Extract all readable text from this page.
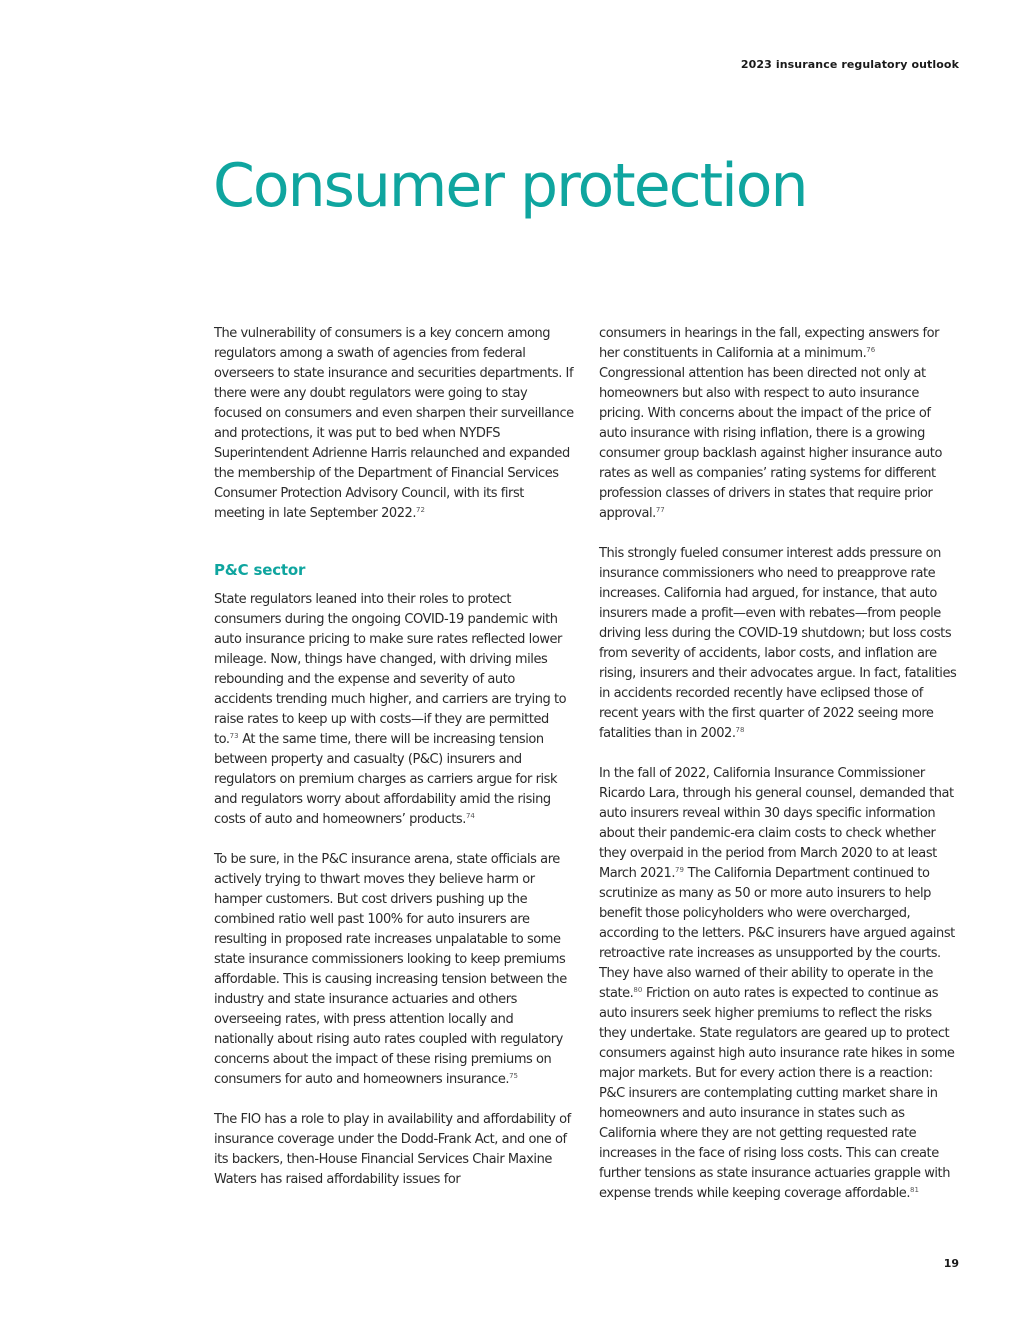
2023 insurance regulatory outlook
Consumer protection

The vulnerability of consumers is a key concern among regulators among a swath of agencies from federal overseers to state insurance and securities departments. If there were any doubt regulators were going to stay focused on consumers and even sharpen their surveillance and protections, it was put to bed when NYDFS Superintendent Adrienne Harris relaunched and expanded the membership of the Department of Financial Services Consumer Protection Advisory Council, with its first meeting in late September 2022.72

P&C sector

State regulators leaned into their roles to protect consumers during the ongoing COVID-19 pandemic with auto insurance pricing to make sure rates reflected lower mileage. Now, things have changed, with driving miles rebounding and the expense and severity of auto accidents trending much higher, and carriers are trying to raise rates to keep up with costs—if they are permitted to.$^{73}$ At the same time, there will be increasing tension between property and casualty (P&C) insurers and regulators on premium charges as carriers argue for risk and regulators worry about affordability amid the rising costs of auto and homeowners’ products.$^{74}$

To be sure, in the P&C insurance arena, state officials are actively trying to thwart moves they believe harm or hamper customers. But cost drivers pushing up the combined ratio well past 100% for auto insurers are resulting in proposed rate increases unpalatable to some state insurance commissioners looking to keep premiums affordable. This is causing increasing tension between the industry and state insurance actuaries and others overseeing rates, with press attention locally and nationally about rising auto rates coupled with regulatory concerns about the impact of these rising premiums on consumers for auto and homeowners insurance.$^{75}$

The FIO has a role to play in availability and affordability of insurance coverage under the Dodd-Frank Act, and one of its backers, then-House Financial Services Chair Maxine Waters has raised affordability issues for

consumers in hearings in the fall, expecting answers for her constituents in California at a minimum.$^{76}$ Congressional attention has been directed not only at homeowners but also with respect to auto insurance pricing. With concerns about the impact of the price of auto insurance with rising inflation, there is a growing consumer group backlash against higher insurance auto rates as well as companies’ rating systems for different profession classes of drivers in states that require prior approval.$^{77}$

This strongly fueled consumer interest adds pressure on insurance commissioners who need to preapprove rate increases. California had argued, for instance, that auto insurers made a profit—even with rebates—from people driving less during the COVID-19 shutdown; but loss costs from severity of accidents, labor costs, and inflation are rising, insurers and their advocates argue. In fact, fatalities in accidents recorded recently have eclipsed those of recent years with the first quarter of 2022 seeing more fatalities than in 2002.78

In the fall of 2022, California Insurance Commissioner Ricardo Lara, through his general counsel, demanded that auto insurers reveal within 30 days specific information about their pandemic-era claim costs to check whether they overpaid in the period from March 2020 to at least March 2021.79 The California Department continued to scrutinize as many as 50 or more auto insurers to help benefit those policyholders who were overcharged, according to the letters. P&C insurers have argued against retroactive rate increases as unsupported by the courts. They have also warned of their ability to operate in the state.$^{80}$ Friction on auto rates is expected to continue as auto insurers seek higher premiums to reflect the risks they undertake. State regulators are geared up to protect consumers against high auto insurance rate hikes in some major markets. But for every action there is a reaction: P&C insurers are contemplating cutting market share in homeowners and auto insurance in states such as California where they are not getting requested rate increases in the face of rising loss costs. This can create further tensions as state insurance actuaries grapple with expense trends while keeping coverage affordable.$^{81}$

19
